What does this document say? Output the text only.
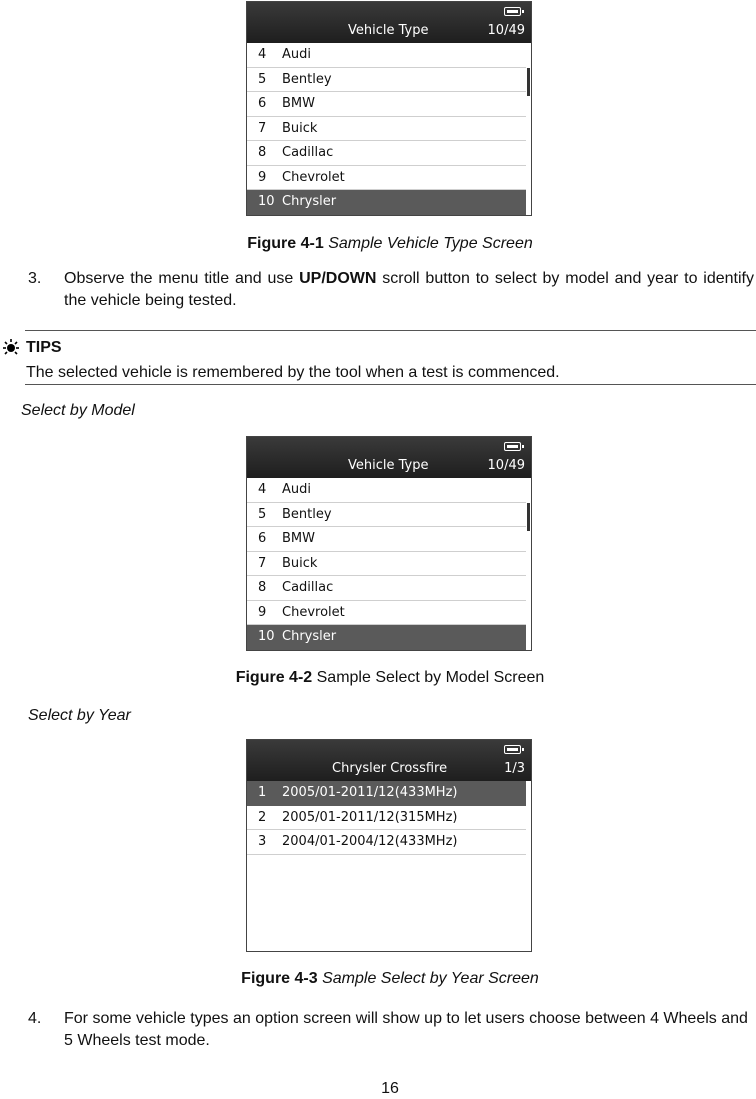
Vehicle Type	10/49
4 Audi
5 Bentley
6 BMW
7 Buick
8 Cadillac
9 Chevrolet
10 Chrysler
Figure 4-1 Sample Vehicle Type Screen
3. Observe the menu title and use UP/DOWN scroll button to select by model and year to identify the vehicle being tested.
TIPS
The selected vehicle is remembered by the tool when a test is commenced.
Select by Model
Vehicle Type	10/49
4 Audi
5 Bentley
6 BMW
7 Buick
8 Cadillac
9 Chevrolet
10 Chrysler
Figure 4-2 Sample Select by Model Screen
Select by Year
Chrysler Crossfire	1/3
1 2005/01-2011/12(433MHz)
2 2005/01-2011/12(315MHz)
3 2004/01-2004/12(433MHz)
Figure 4-3 Sample Select by Year Screen
4. For some vehicle types an option screen will show up to let users choose between 4 Wheels and 5 Wheels test mode.
16
